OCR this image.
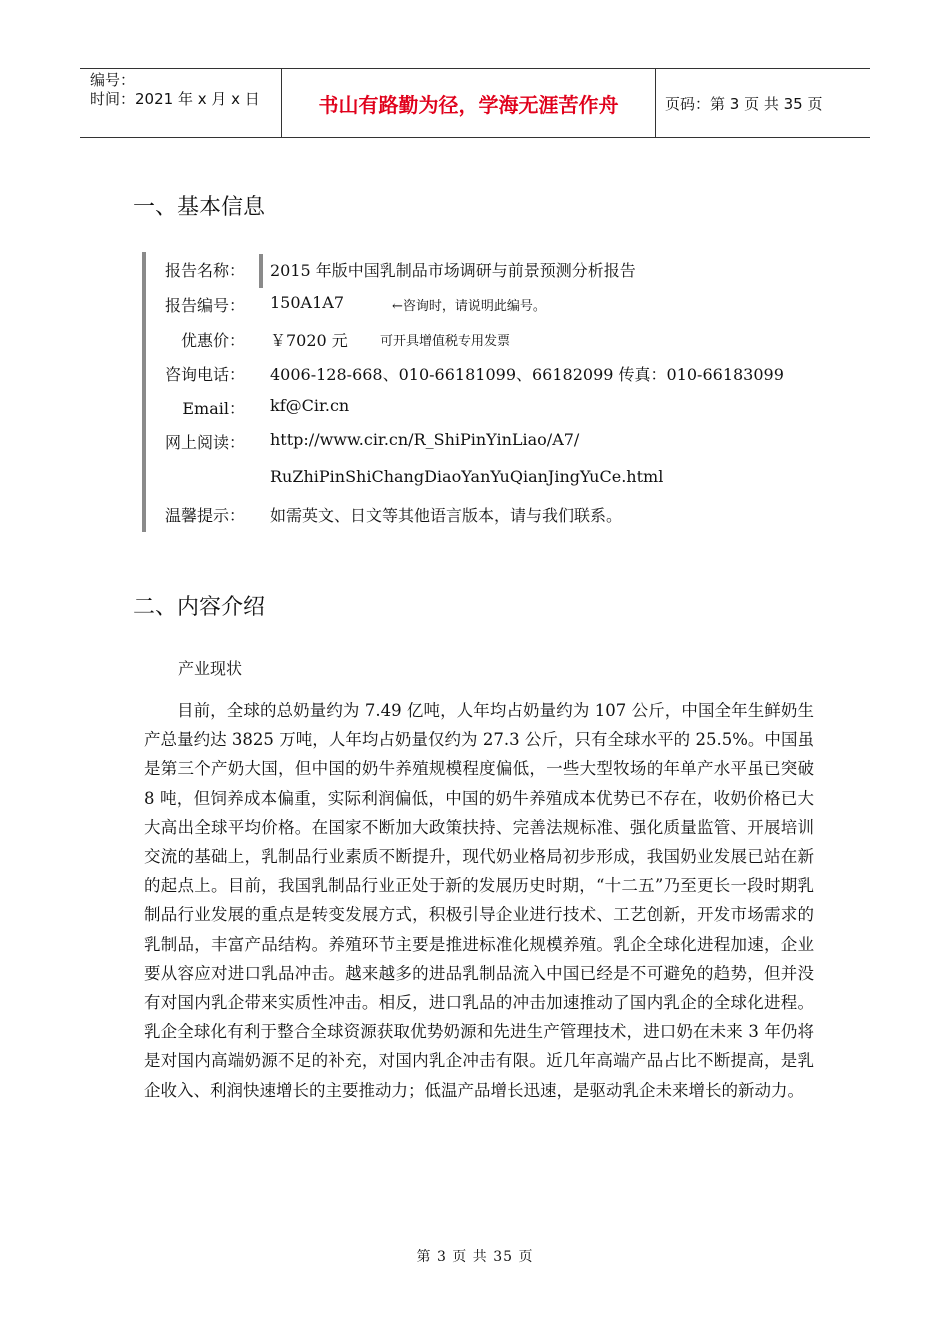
编号：
时间：2021 年 x 月 x 日	书山有路勤为径，学海无涯苦作舟	页码：第 3 页 共 35 页
一、基本信息
报告名称： 2015 年版中国乳制品市场调研与前景预测分析报告
报告编号： 150A1A7	←咨询时，请说明此编号。
优惠价： ￥7020 元 可开具增值税专用发票
咨询电话： 4006-128-668、010-66181099、66182099 传真：010-66183099
Email： kf@Cir.cn
网上阅读： http://www.cir.cn/R_ShiPinYinLiao/A7/
RuZhiPinShiChangDiaoYanYuQianJingYuCe.html
温馨提示： 如需英文、日文等其他语言版本，请与我们联系。
二、内容介绍
产业现状
目前，全球的总奶量约为 7.49 亿吨，人年均占奶量约为 107 公斤，中国全年生鲜奶生产总量约达 3825 万吨，人年均占奶量仅约为 27.3 公斤，只有全球水平的 25.5%。中国虽是第三个产奶大国，但中国的奶牛养殖规模程度偏低，一些大型牧场的年单产水平虽已突破 8 吨，但饲养成本偏重，实际利润偏低，中国的奶牛养殖成本优势已不存在，收奶价格已大大高出全球平均价格。在国家不断加大政策扶持、完善法规标准、强化质量监管、开展培训交流的基础上，乳制品行业素质不断提升，现代奶业格局初步形成，我国奶业发展已站在新的起点上。目前，我国乳制品行业正处于新的发展历史时期，“十二五”乃至更长一段时期乳制品行业发展的重点是转变发展方式，积极引导企业进行技术、工艺创新，开发市场需求的乳制品，丰富产品结构。养殖环节主要是推进标准化规模养殖。乳企全球化进程加速，企业要从容应对进口乳品冲击。越来越多的进品乳制品流入中国已经是不可避免的趋势，但并没有对国内乳企带来实质性冲击。相反，进口乳品的冲击加速推动了国内乳企的全球化进程。乳企全球化有利于整合全球资源获取优势奶源和先进生产管理技术，进口奶在未来 3 年仍将是对国内高端奶源不足的补充，对国内乳企冲击有限。近几年高端产品占比不断提高，是乳企收入、利润快速增长的主要推动力；低温产品增长迅速，是驱动乳企未来增长的新动力。
第 3 页 共 35 页
